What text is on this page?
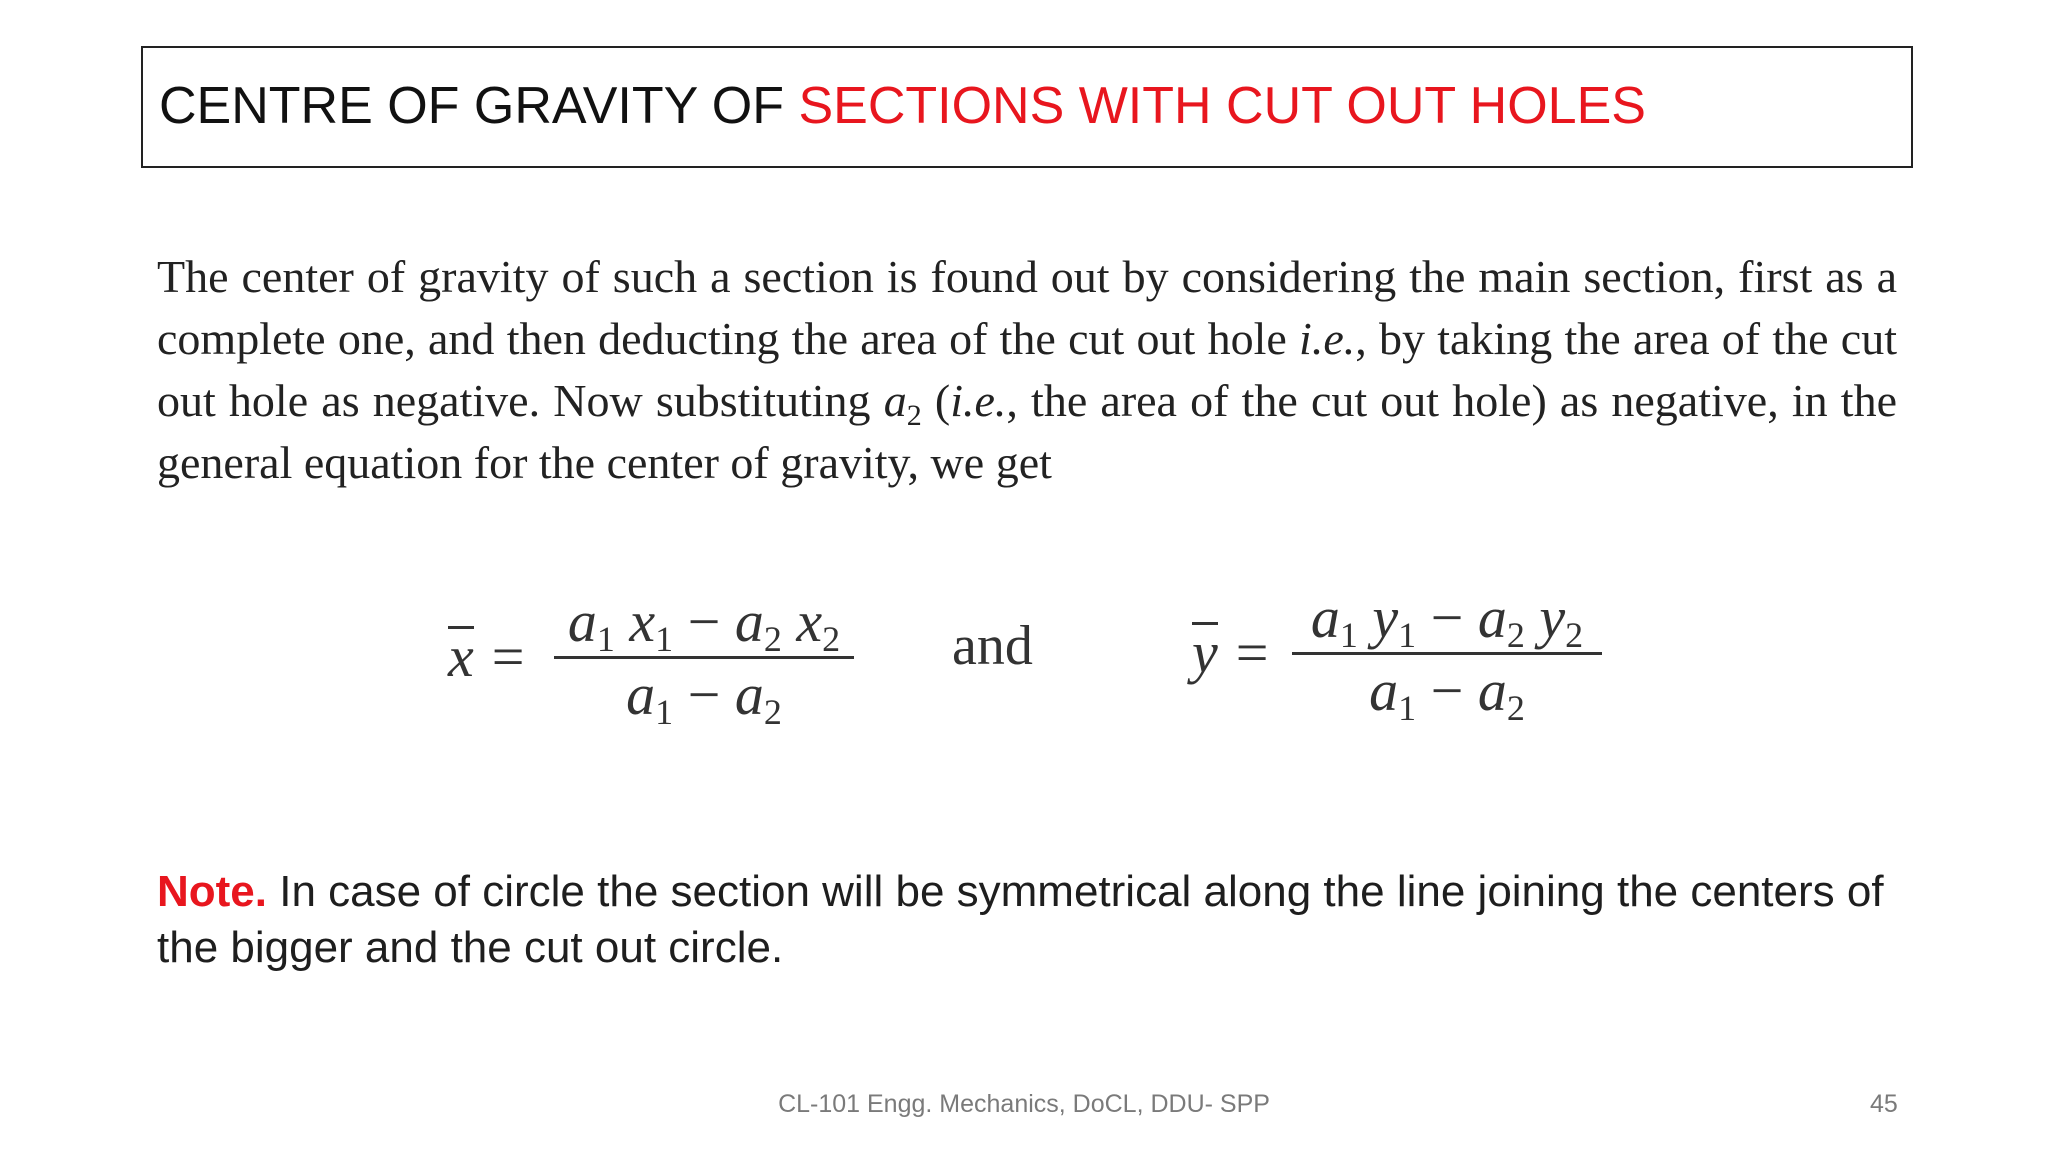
CENTRE OF GRAVITY OF SECTIONS WITH CUT OUT HOLES

The center of gravity of such a section is found out by considering the main section, first as a complete one, and then deducting the area of the cut out hole i.e., by taking the area of the cut out hole as negative. Now substituting $a_2$ (i.e., the area of the cut out hole) as negative, in the general equation for the center of gravity, we get

x =
$a_1$ $x_1 - a_2$ $x_2$
$a_1 - a_2$
and	y =
$a_1$ $y_1 - a_2$ $y_2$
$a_1 - a_2$

Note. In case of circle the section will be symmetrical along the line joining the centers of the bigger and the cut out circle.

CL-101 Engg. Mechanics, DoCL, DDU- SPP	45
